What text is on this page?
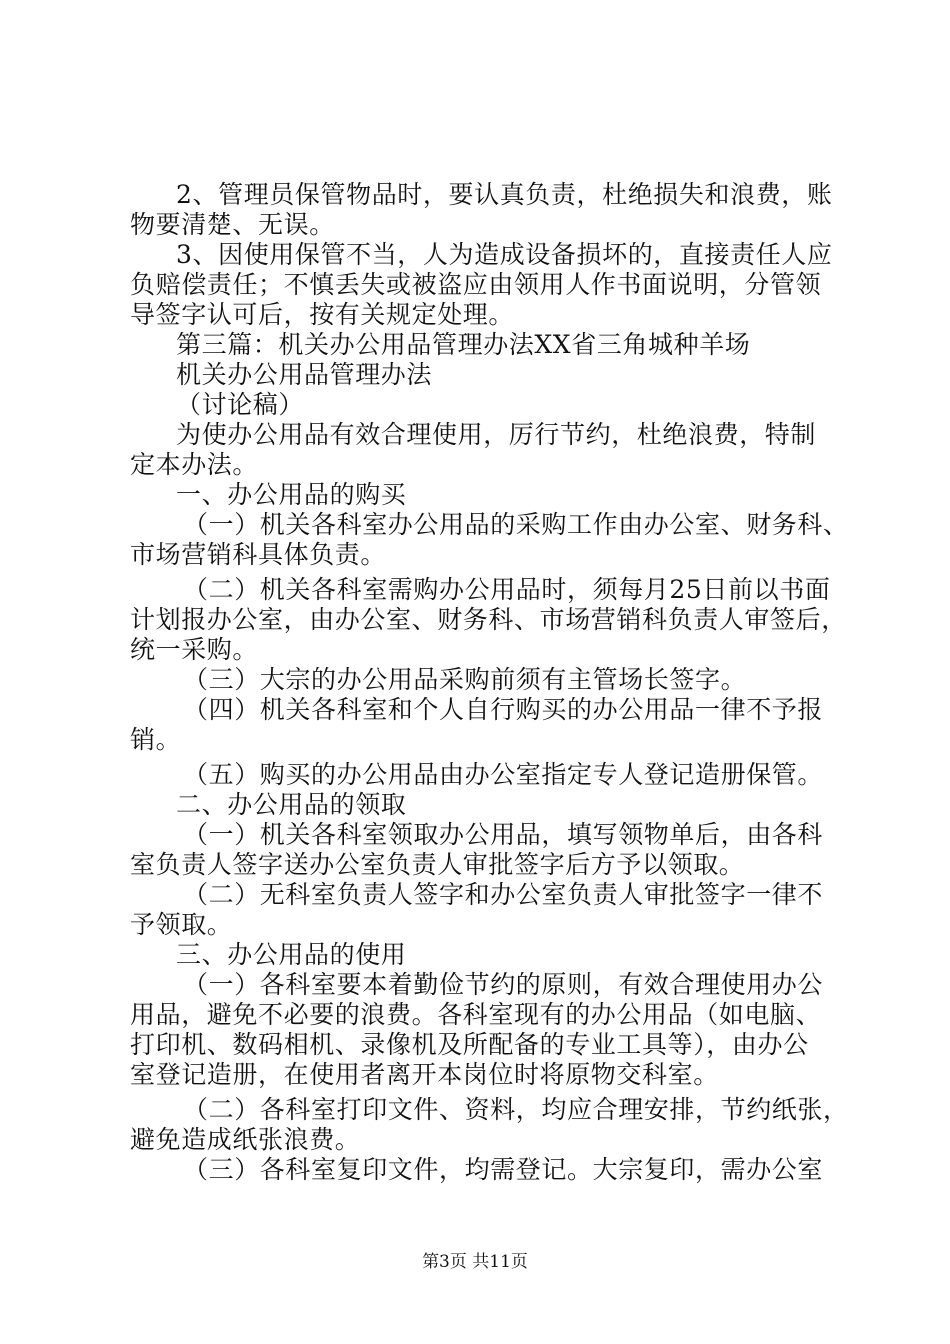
2、管理员保管物品时，要认真负责，杜绝损失和浪费，账
物要清楚、无误。
3、因使用保管不当，人为造成设备损坏的，直接责任人应
负赔偿责任；不慎丢失或被盗应由领用人作书面说明，分管领
导签字认可后，按有关规定处理。
第三篇：机关办公用品管理办法XX省三角城种羊场
机关办公用品管理办法
（讨论稿）
为使办公用品有效合理使用，厉行节约，杜绝浪费，特制
定本办法。
一、办公用品的购买
（一）机关各科室办公用品的采购工作由办公室、财务科、
市场营销科具体负责。
（二）机关各科室需购办公用品时，须每月25日前以书面
计划报办公室，由办公室、财务科、市场营销科负责人审签后，
统一采购。
（三）大宗的办公用品采购前须有主管场长签字。
（四）机关各科室和个人自行购买的办公用品一律不予报
销。
（五）购买的办公用品由办公室指定专人登记造册保管。
二、办公用品的领取
（一）机关各科室领取办公用品，填写领物单后，由各科
室负责人签字送办公室负责人审批签字后方予以领取。
（二）无科室负责人签字和办公室负责人审批签字一律不
予领取。
三、办公用品的使用
（一）各科室要本着勤俭节约的原则，有效合理使用办公
用品，避免不必要的浪费。各科室现有的办公用品（如电脑、
打印机、数码相机、录像机及所配备的专业工具等），由办公
室登记造册，在使用者离开本岗位时将原物交科室。
（二）各科室打印文件、资料，均应合理安排，节约纸张，
避免造成纸张浪费。
（三）各科室复印文件，均需登记。大宗复印，需办公室
第3页 共11页
